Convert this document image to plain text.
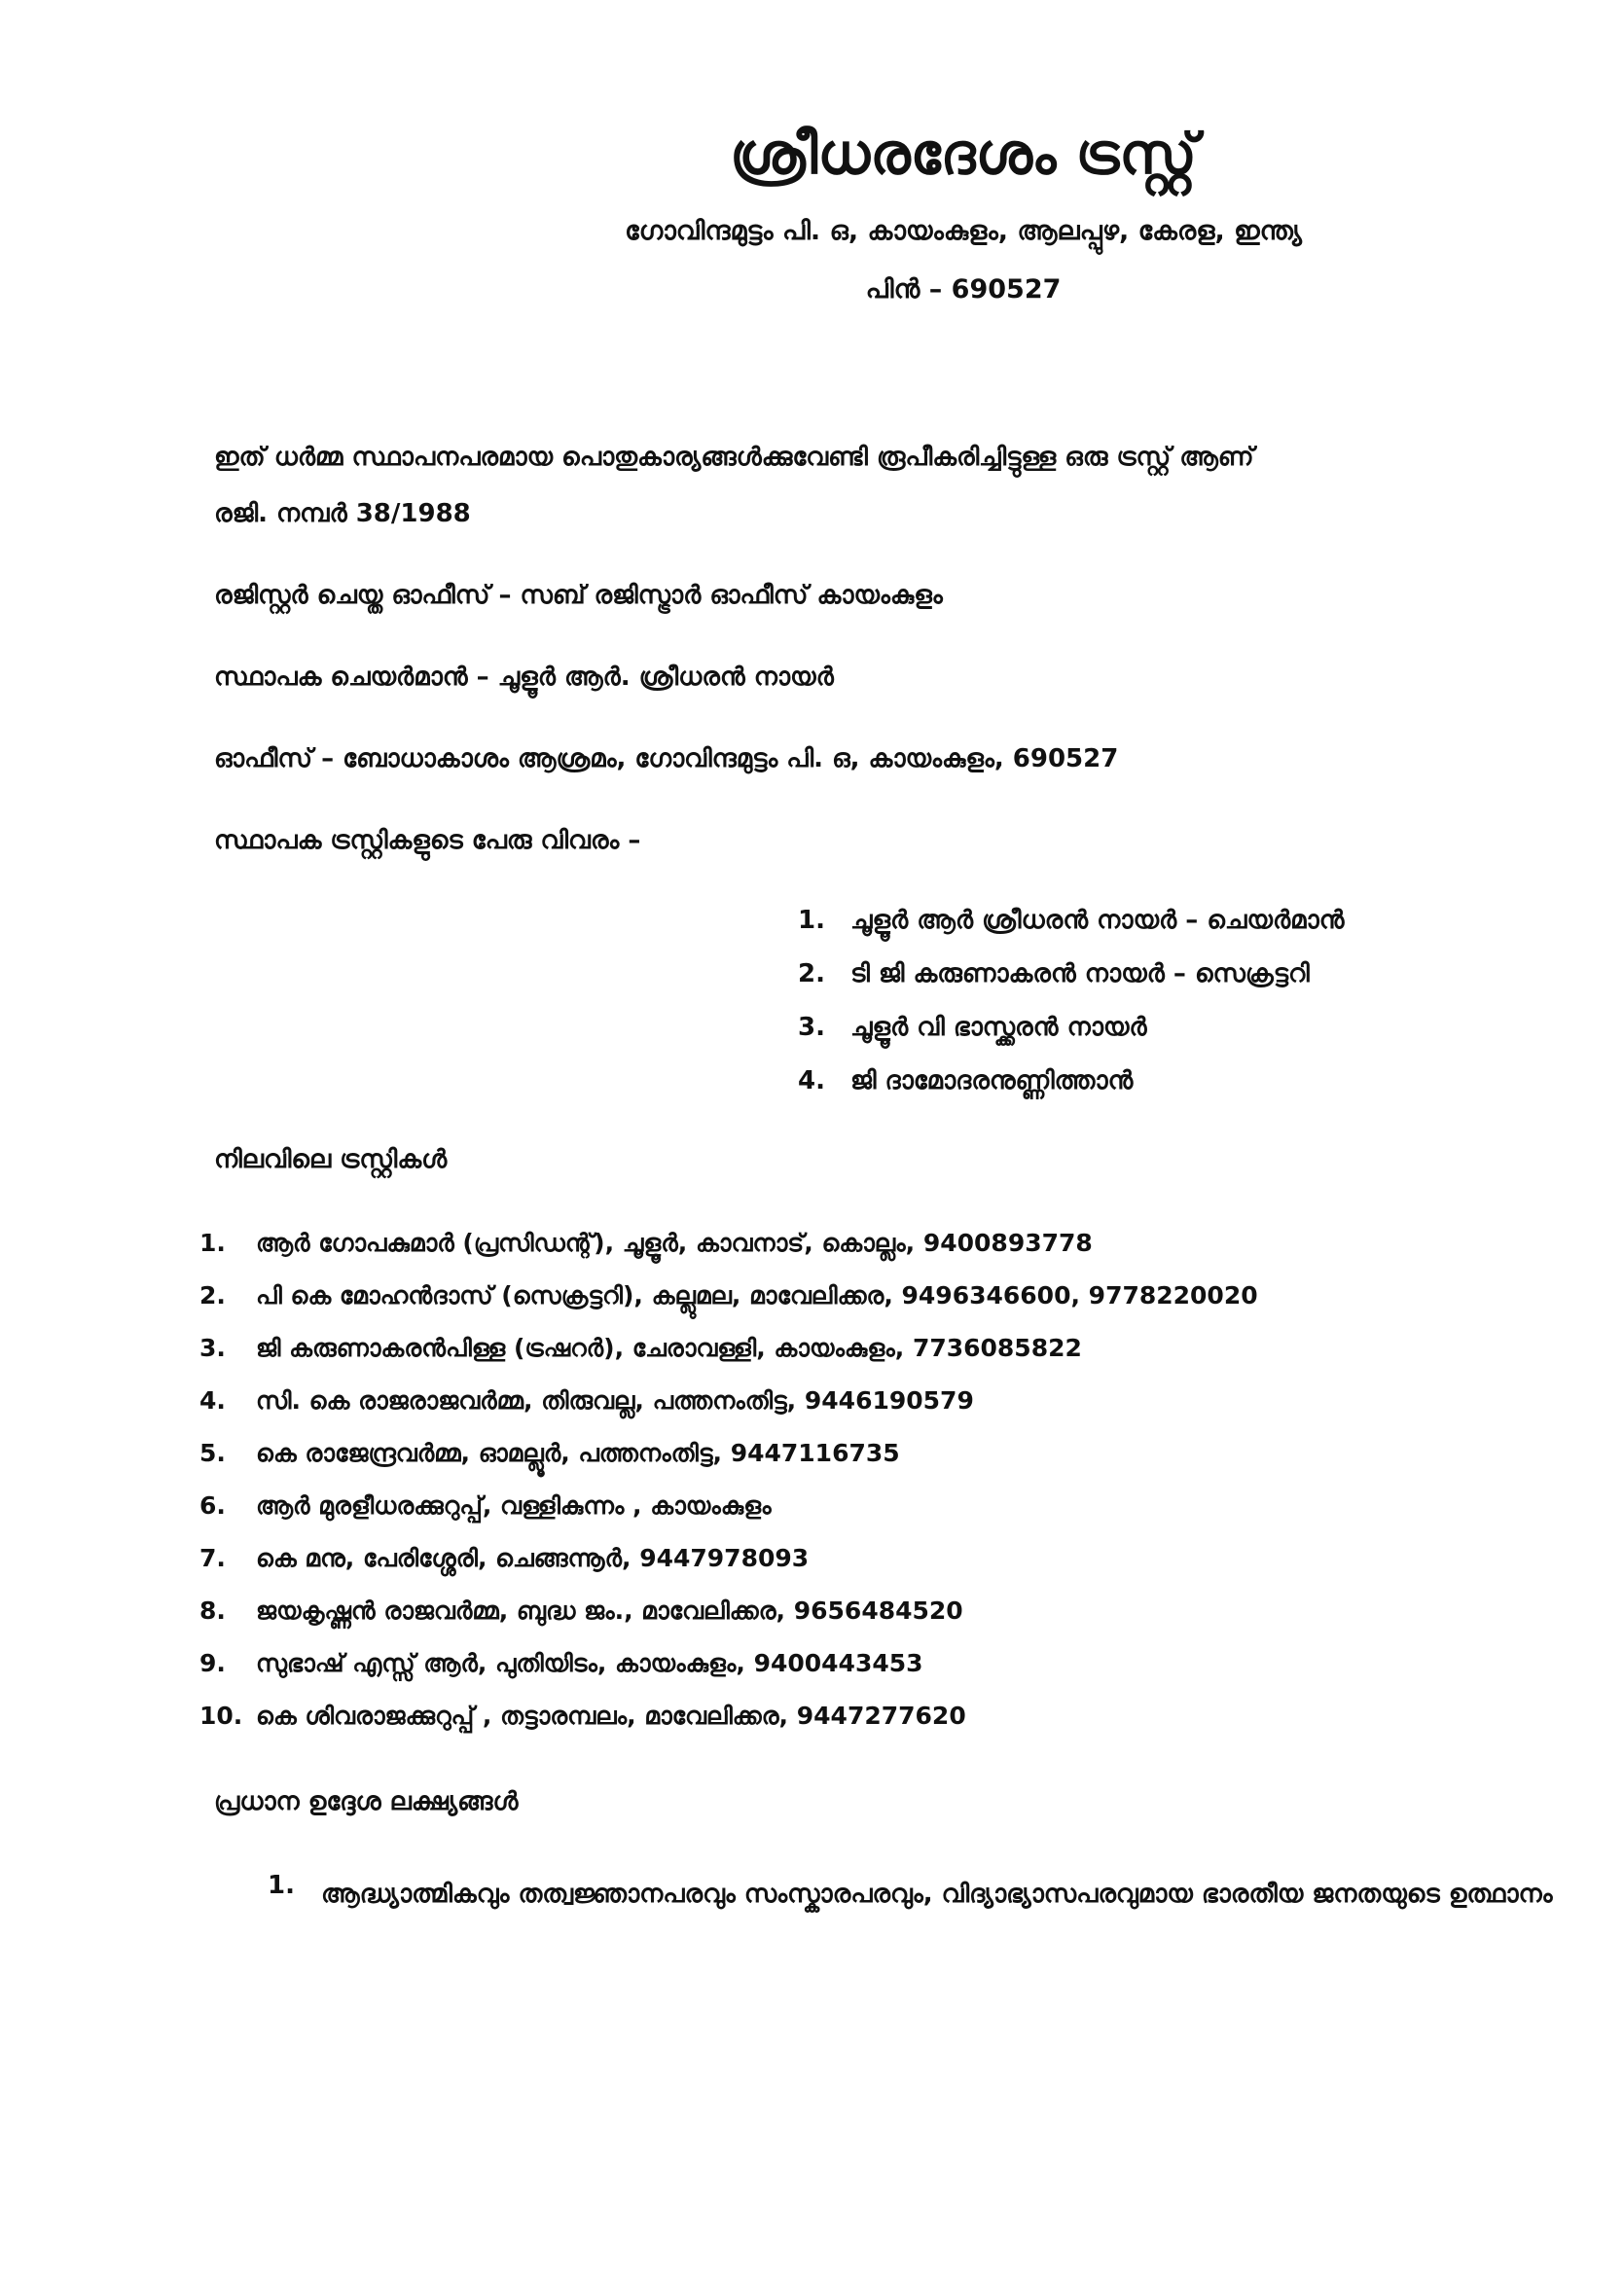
ശ്രീധരദേശം ട്രസ്റ്റ്
ഗോവിന്ദമുട്ടം പി. ഒ, കായംകുളം, ആലപ്പുഴ, കേരള, ഇന്ത്യ
പിൻ – 690527
ഇത് ധർമ്മ സ്ഥാപനപരമായ പൊതുകാര്യങ്ങൾക്കുവേണ്ടി രൂപീകരിച്ചിട്ടുള്ള ഒരു ട്രസ്റ്റ് ആണ്
രജി. നമ്പർ 38/1988
രജിസ്റ്റർ ചെയ്ത ഓഫീസ് – സബ് രജിസ്ട്രാർ ഓഫീസ് കായംകുളം
സ്ഥാപക ചെയർമാൻ – ചൂളൂർ ആർ. ശ്രീധരൻ നായർ
ഓഫീസ് – ബോധാകാശം ആശ്രമം, ഗോവിന്ദമുട്ടം പി. ഒ, കായംകുളം, 690527
സ്ഥാപക ട്രസ്റ്റികളുടെ പേരു വിവരം –
1. ചൂളൂർ ആർ ശ്രീധരൻ നായർ – ചെയർമാൻ
2. ടി ജി കരുണാകരൻ നായർ – സെക്രട്ടറി
3. ചൂളൂർ വി ഭാസ്ക്കരൻ നായർ
4. ജി ദാമോദരനുണ്ണിത്താൻ
നിലവിലെ ട്രസ്റ്റികൾ
1. ആർ ഗോപകുമാർ (പ്രസിഡന്റ്), ചൂളൂർ, കാവനാട്, കൊല്ലം, 9400893778
2. പി കെ മോഹൻദാസ് (സെക്രട്ടറി), കല്ലുമല, മാവേലിക്കര, 9496346600, 9778220020
3. ജി കരുണാകരൻപിള്ള (ട്രഷറർ), ചേരാവള്ളി, കായംകുളം, 7736085822
4. സി. കെ രാജരാജവർമ്മ, തിരുവല്ല, പത്തനംതിട്ട, 9446190579
5. കെ രാജേന്ദ്രവർമ്മ, ഓമല്ലൂർ, പത്തനംതിട്ട, 9447116735
6. ആർ മുരളീധരക്കുറുപ്പ്, വള്ളികുന്നം , കായംകുളം
7. കെ മനു, പേരിശ്ശേരി, ചെങ്ങന്നൂർ, 9447978093
8. ജയകൃഷ്ണൻ രാജവർമ്മ, ബുദ്ധ ജം., മാവേലിക്കര, 9656484520
9. സുഭാഷ് എസ്സ് ആർ, പുതിയിടം, കായംകുളം, 9400443453
10. കെ ശിവരാജക്കുറുപ്പ് , തട്ടാരമ്പലം, മാവേലിക്കര, 9447277620
പ്രധാന ഉദ്ദേശ ലക്ഷ്യങ്ങൾ
1. ആദ്ധ്യാത്മികവും തത്വജ്ഞാനപരവും സംസ്കാരപരവും, വിദ്യാഭ്യാസപരവുമായ ഭാരതീയ ജനതയുടെ ഉത്ഥാനം
